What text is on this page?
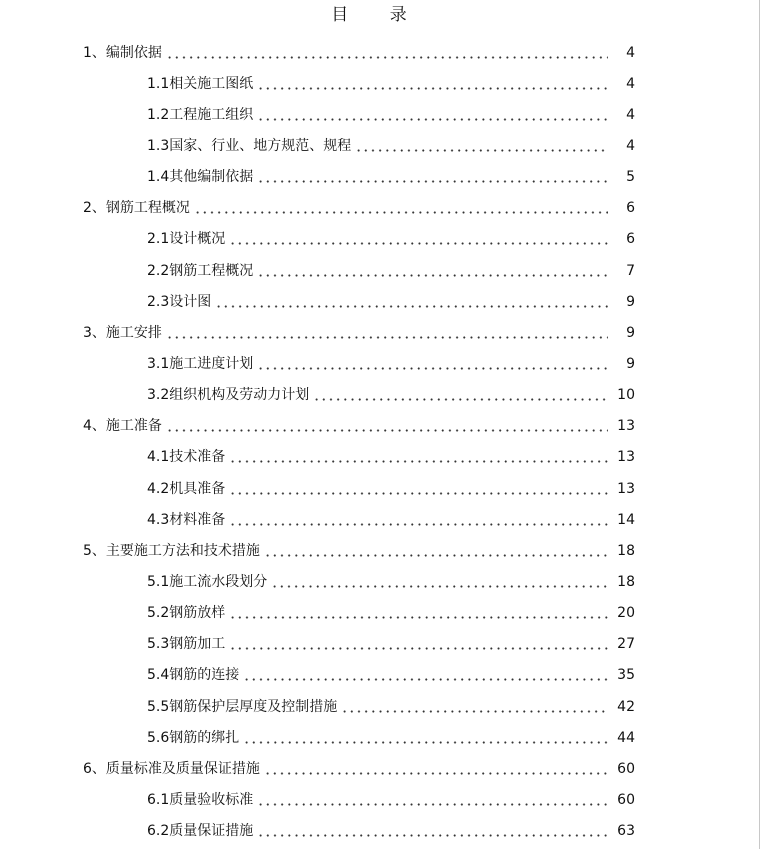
目 录
1、编制依据	4
1.1相关施工图纸	4
1.2工程施工组织	4
1.3国家、行业、地方规范、规程	4
1.4其他编制依据	5
2、钢筋工程概况	6
2.1设计概况	6
2.2钢筋工程概况	7
2.3设计图	9
3、施工安排	9
3.1施工进度计划	9
3.2组织机构及劳动力计划	10
4、施工准备	13
4.1技术准备	13
4.2机具准备	13
4.3材料准备	14
5、主要施工方法和技术措施	18
5.1施工流水段划分	18
5.2钢筋放样	20
5.3钢筋加工	27
5.4钢筋的连接	35
5.5钢筋保护层厚度及控制措施	42
5.6钢筋的绑扎	44
6、质量标准及质量保证措施	60
6.1质量验收标准	60
6.2质量保证措施	63
